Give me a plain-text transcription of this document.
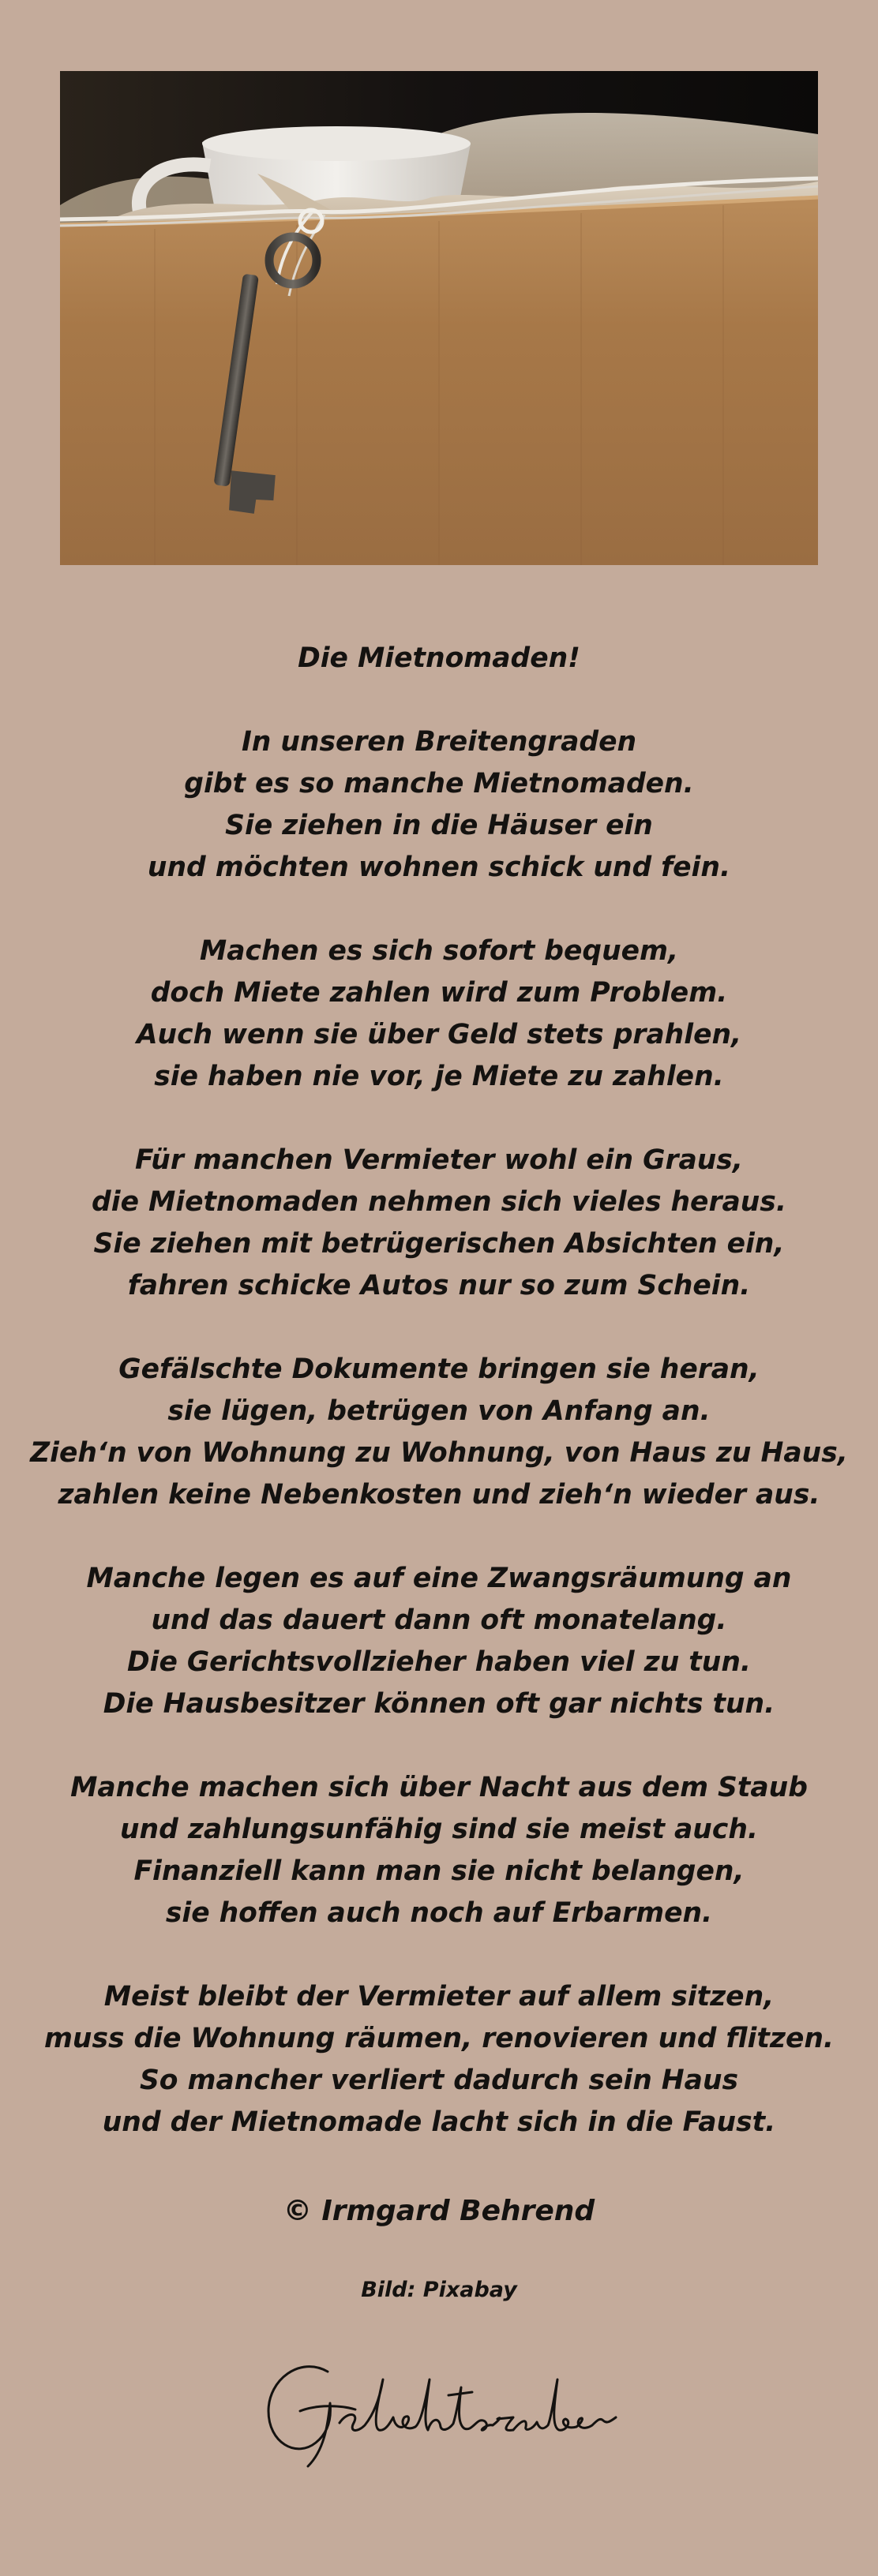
Die Mietnomaden!
In unseren Breitengraden
gibt es so manche Mietnomaden.
Sie ziehen in die Häuser ein
und möchten wohnen schick und fein.
Machen es sich sofort bequem,
doch Miete zahlen wird zum Problem.
Auch wenn sie über Geld stets prahlen,
sie haben nie vor, je Miete zu zahlen.
Für manchen Vermieter wohl ein Graus,
die Mietnomaden nehmen sich vieles heraus.
Sie ziehen mit betrügerischen Absichten ein,
fahren schicke Autos nur so zum Schein.
Gefälschte Dokumente bringen sie heran,
sie lügen, betrügen von Anfang an.
Zieh‘n von Wohnung zu Wohnung, von Haus zu Haus,
zahlen keine Nebenkosten und zieh‘n wieder aus.
Manche legen es auf eine Zwangsräumung an
und das dauert dann oft monatelang.
Die Gerichtsvollzieher haben viel zu tun.
Die Hausbesitzer können oft gar nichts tun.
Manche machen sich über Nacht aus dem Staub
und zahlungsunfähig sind sie meist auch.
Finanziell kann man sie nicht belangen,
sie hoffen auch noch auf Erbarmen.
Meist bleibt der Vermieter auf allem sitzen,
muss die Wohnung räumen, renovieren und flitzen.
So mancher verliert dadurch sein Haus
und der Mietnomade lacht sich in die Faust.
© Irmgard Behrend
Bild: Pixabay
